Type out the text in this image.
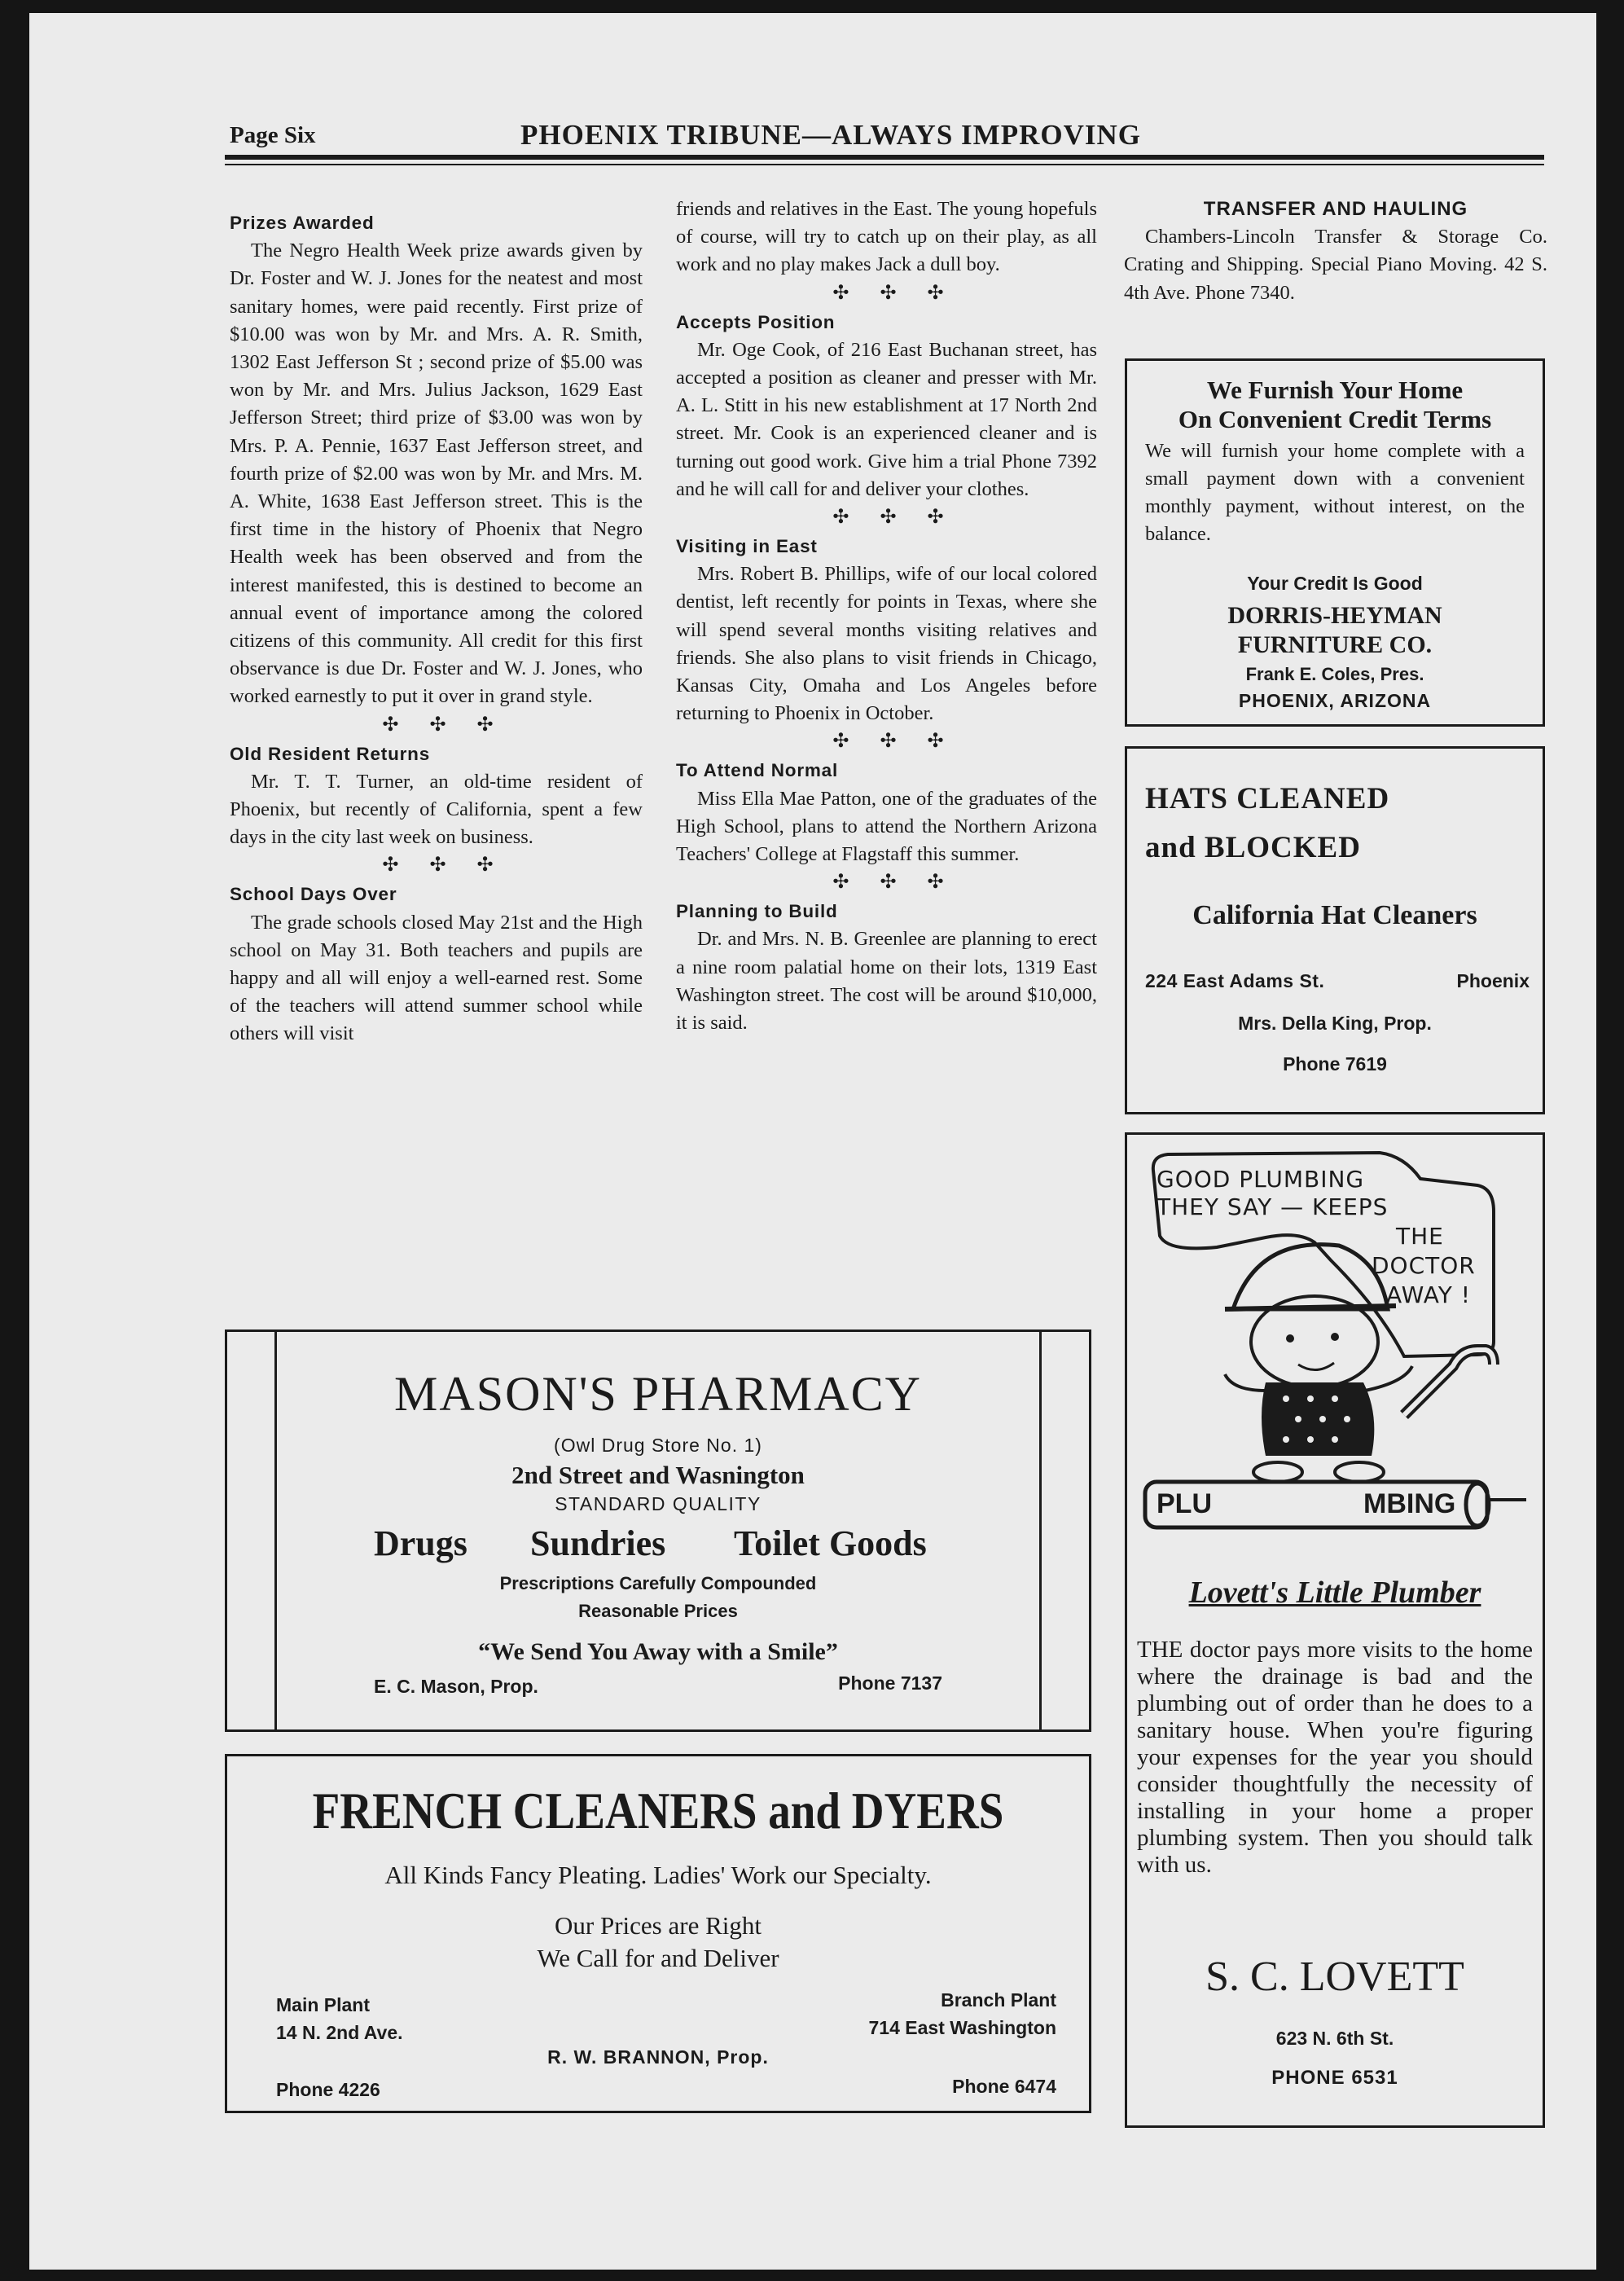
Page Six	PHOENIX TRIBUNE—ALWAYS IMPROVING
Prizes Awarded

The Negro Health Week prize awards given by Dr. Foster and W. J. Jones for the neatest and most sanitary homes, were paid recently. First prize of $10.00 was won by Mr. and Mrs. A. R. Smith, 1302 East Jefferson St ; second prize of $5.00 was won by Mr. and Mrs. Julius Jackson, 1629 East Jefferson Street; third prize of $3.00 was won by Mrs. P. A. Pennie, 1637 East Jefferson street, and fourth prize of $2.00 was won by Mr. and Mrs. M. A. White, 1638 East Jefferson street. This is the first time in the history of Phoenix that Negro Health week has been observed and from the interest manifested, this is destined to become an annual event of importance among the colored citizens of this community. All credit for this first observance is due Dr. Foster and W. J. Jones, who worked earnestly to put it over in grand style.

✣ ✣ ✣
Old Resident Returns

Mr. T. T. Turner, an old-time resident of Phoenix, but recently of California, spent a few days in the city last week on business.

✣ ✣ ✣
School Days Over

The grade schools closed May 21st and the High school on May 31. Both teachers and pupils are happy and all will enjoy a well-earned rest. Some of the teachers will attend summer school while others will visit

friends and relatives in the East. The young hopefuls of course, will try to catch up on their play, as all work and no play makes Jack a dull boy.

✣ ✣ ✣
Accepts Position

Mr. Oge Cook, of 216 East Buchanan street, has accepted a position as cleaner and presser with Mr. A. L. Stitt in his new establishment at 17 North 2nd street. Mr. Cook is an experienced cleaner and is turning out good work. Give him a trial Phone 7392 and he will call for and deliver your clothes.

✣ ✣ ✣
Visiting in East

Mrs. Robert B. Phillips, wife of our local colored dentist, left recently for points in Texas, where she will spend several months visiting relatives and friends. She also plans to visit friends in Chicago, Kansas City, Omaha and Los Angeles before returning to Phoenix in October.

✣ ✣ ✣
To Attend Normal

Miss Ella Mae Patton, one of the graduates of the High School, plans to attend the Northern Arizona Teachers' College at Flagstaff this summer.

✣ ✣ ✣
Planning to Build

Dr. and Mrs. N. B. Greenlee are planning to erect a nine room palatial home on their lots, 1319 East Washington street. The cost will be around $10,000, it is said.

TRANSFER AND HAULING

Chambers-Lincoln Transfer & Storage Co. Crating and Shipping. Special Piano Moving. 42 S. 4th Ave. Phone 7340.

We Furnish Your Home
On Convenient Credit Terms
We will furnish your home complete with a small payment down with a convenient monthly payment, without interest, on the balance.
Your Credit Is Good
DORRIS-HEYMAN
FURNITURE CO.
Frank E. Coles, Pres.
PHOENIX, ARIZONA
HATS CLEANED
and BLOCKED
California Hat Cleaners
224 East Adams St.	Phoenix
Mrs. Della King, Prop.
Phone 7619
MASON'S PHARMACY
(Owl Drug Store No. 1)
2nd Street and Wasnington
STANDARD QUALITY
Drugs Sundries Toilet Goods
Prescriptions Carefully Compounded
Reasonable Prices
“We Send You Away with a Smile”
E. C. Mason, Prop.	Phone 7137
FRENCH CLEANERS and DYERS
All Kinds Fancy Pleating. Ladies' Work our Specialty.
Our Prices are Right
We Call for and Deliver
Main Plant
14 N. 2nd Ave.
Branch Plant
714 East Washington
R. W. BRANNON, Prop.
Phone 4226	Phone 6474
GOOD PLUMBING
THEY SAY — KEEPS
THE
DOCTOR
AWAY !
PLU	MBING
Lovett's Little Plumber
THE doctor pays more visits to the home where the drainage is bad and the plumbing out of order than he does to a sanitary house. When you're figuring your expenses for the year you should consider thoughtfully the necessity of installing in your home a proper plumbing system. Then you should talk with us.
S. C. LOVETT
623 N. 6th St.
PHONE 6531
